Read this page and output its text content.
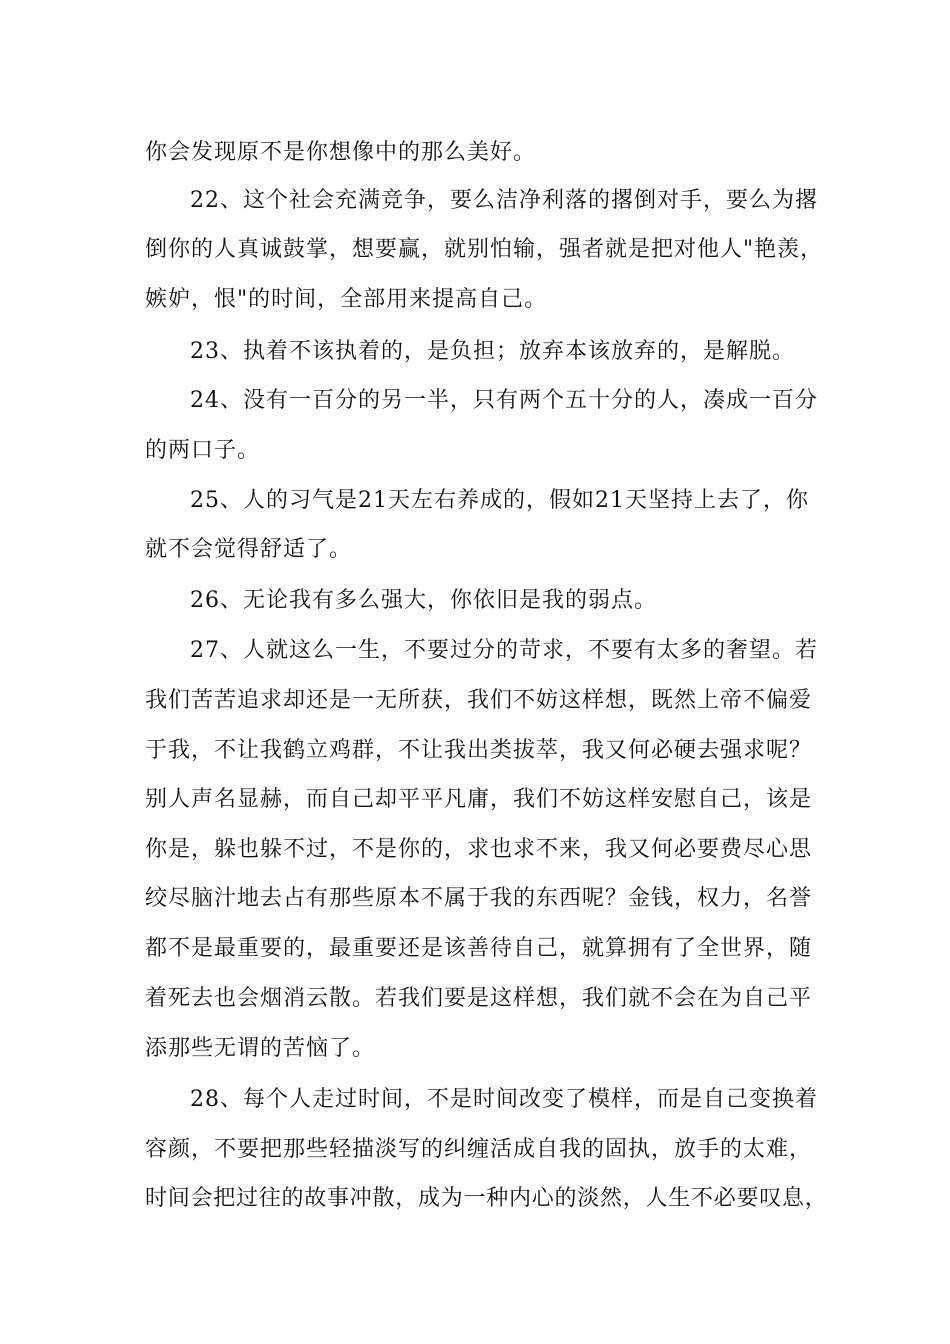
你会发现原不是你想像中的那么美好。
22、这个社会充满竞争，要么洁净利落的撂倒对手，要么为撂
倒你的人真诚鼓掌，想要赢，就别怕输，强者就是把对他人"艳羡，
嫉妒，恨"的时间，全部用来提高自己。
23、执着不该执着的，是负担；放弃本该放弃的，是解脱。
24、没有一百分的另一半，只有两个五十分的人，凑成一百分
的两口子。
25、人的习气是21天左右养成的，假如21天坚持上去了，你
就不会觉得舒适了。
26、无论我有多么强大，你依旧是我的弱点。
27、人就这么一生，不要过分的苛求，不要有太多的奢望。若
我们苦苦追求却还是一无所获，我们不妨这样想，既然上帝不偏爱
于我，不让我鹤立鸡群，不让我出类拔萃，我又何必硬去强求呢？
别人声名显赫，而自己却平平凡庸，我们不妨这样安慰自己，该是
你是，躲也躲不过，不是你的，求也求不来，我又何必要费尽心思
绞尽脑汁地去占有那些原本不属于我的东西呢？金钱，权力，名誉
都不是最重要的，最重要还是该善待自己，就算拥有了全世界，随
着死去也会烟消云散。若我们要是这样想，我们就不会在为自己平
添那些无谓的苦恼了。
28、每个人走过时间，不是时间改变了模样，而是自己变换着
容颜，不要把那些轻描淡写的纠缠活成自我的固执，放手的太难，
时间会把过往的故事冲散，成为一种内心的淡然，人生不必要叹息，
